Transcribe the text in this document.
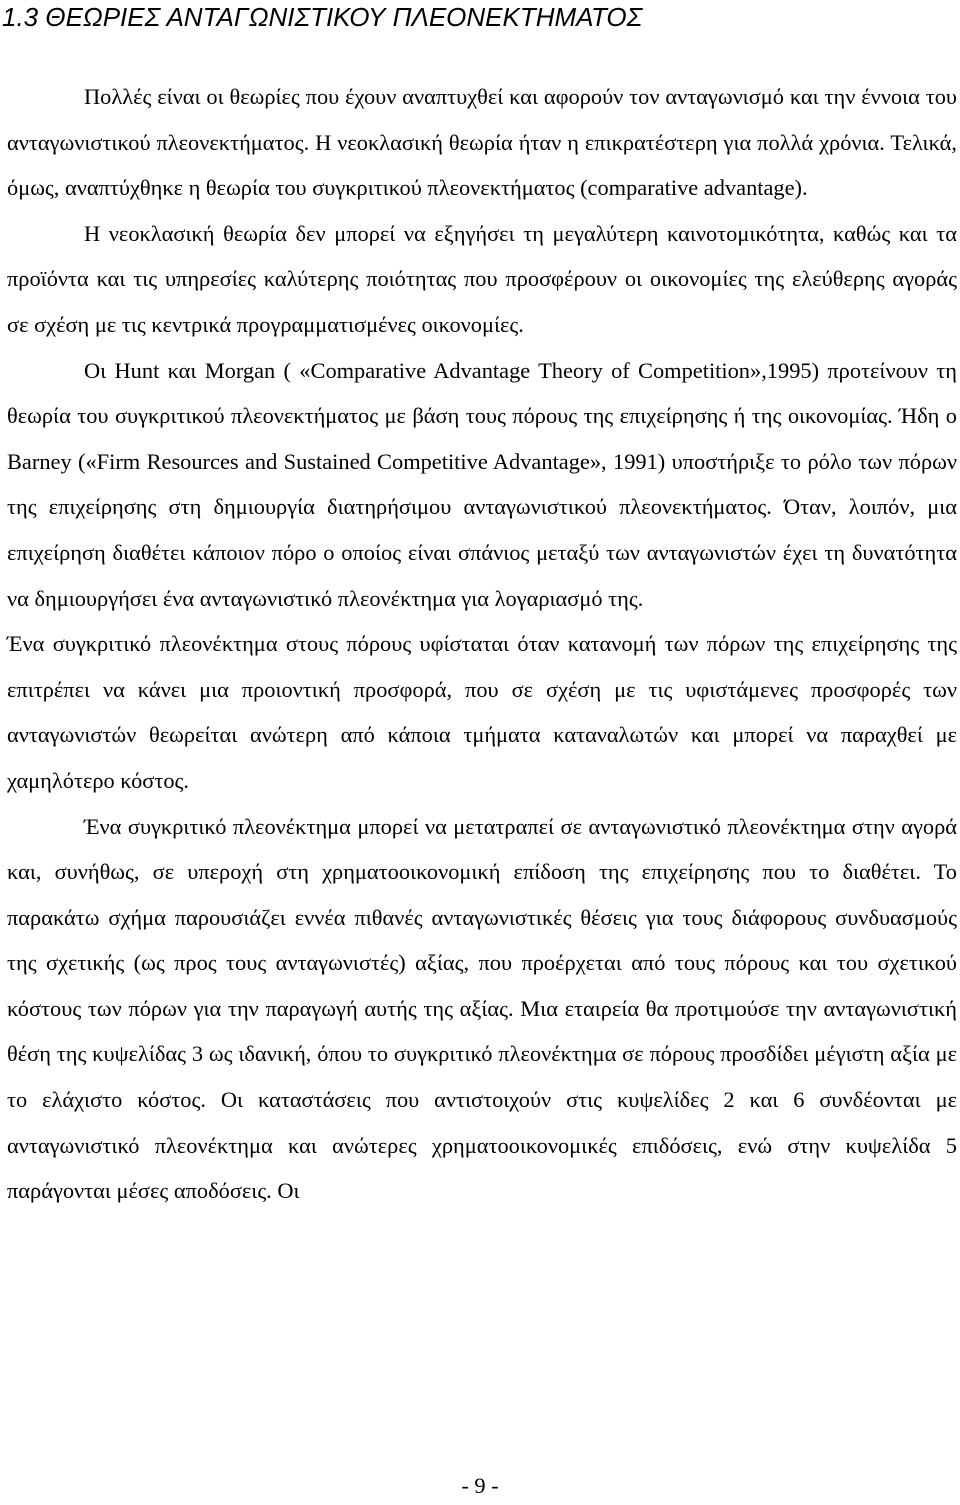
1.3 ΘΕΩΡΙΕΣ ΑΝΤΑΓΩΝΙΣΤΙΚΟΥ ΠΛΕΟΝΕΚΤΗΜΑΤΟΣ

Πολλές είναι οι θεωρίες που έχουν αναπτυχθεί και αφορούν τον ανταγωνισμό και την έννοια του ανταγωνιστικού πλεονεκτήματος. Η νεοκλασική θεωρία ήταν η επικρατέστερη για πολλά χρόνια. Τελικά, όμως, αναπτύχθηκε η θεωρία του συγκριτικού πλεονεκτήματος (comparative advantage).

Η νεοκλασική θεωρία δεν μπορεί να εξηγήσει τη μεγαλύτερη καινοτομικότητα, καθώς και τα προϊόντα και τις υπηρεσίες καλύτερης ποιότητας που προσφέρουν οι οικονομίες της ελεύθερης αγοράς σε σχέση με τις κεντρικά προγραμματισμένες οικονομίες.

Οι Hunt και Morgan ( «Comparative Advantage Theory of Competition»,1995) προτείνουν τη θεωρία του συγκριτικού πλεονεκτήματος με βάση τους πόρους της επιχείρησης ή της οικονομίας. Ήδη ο Barney («Firm Resources and Sustained Competitive Advantage», 1991) υποστήριξε το ρόλο των πόρων της επιχείρησης στη δημιουργία διατηρήσιμου ανταγωνιστικού πλεονεκτήματος. Όταν, λοιπόν, μια επιχείρηση διαθέτει κάποιον πόρο ο οποίος είναι σπάνιος μεταξύ των ανταγωνιστών έχει τη δυνατότητα να δημιουργήσει ένα ανταγωνιστικό πλεονέκτημα για λογαριασμό της.

Ένα συγκριτικό πλεονέκτημα στους πόρους υφίσταται όταν κατανομή των πόρων της επιχείρησης της επιτρέπει να κάνει μια προιοντική προσφορά, που σε σχέση με τις υφιστάμενες προσφορές των ανταγωνιστών θεωρείται ανώτερη από κάποια τμήματα καταναλωτών και μπορεί να παραχθεί με χαμηλότερο κόστος.

Ένα συγκριτικό πλεονέκτημα μπορεί να μετατραπεί σε ανταγωνιστικό πλεονέκτημα στην αγορά και, συνήθως, σε υπεροχή στη χρηματοοικονομική επίδοση της επιχείρησης που το διαθέτει. Το παρακάτω σχήμα παρουσιάζει εννέα πιθανές ανταγωνιστικές θέσεις για τους διάφορους συνδυασμούς της σχετικής (ως προς τους ανταγωνιστές) αξίας, που προέρχεται από τους πόρους και του σχετικού κόστους των πόρων για την παραγωγή αυτής της αξίας. Μια εταιρεία θα προτιμούσε την ανταγωνιστική θέση της κυψελίδας 3 ως ιδανική, όπου το συγκριτικό πλεονέκτημα σε πόρους προσδίδει μέγιστη αξία με το ελάχιστο κόστος. Οι καταστάσεις που αντιστοιχούν στις κυψελίδες 2 και 6 συνδέονται με ανταγωνιστικό πλεονέκτημα και ανώτερες χρηματοοικονομικές επιδόσεις, ενώ στην κυψελίδα 5 παράγονται μέσες αποδόσεις. Οι

- 9 -
